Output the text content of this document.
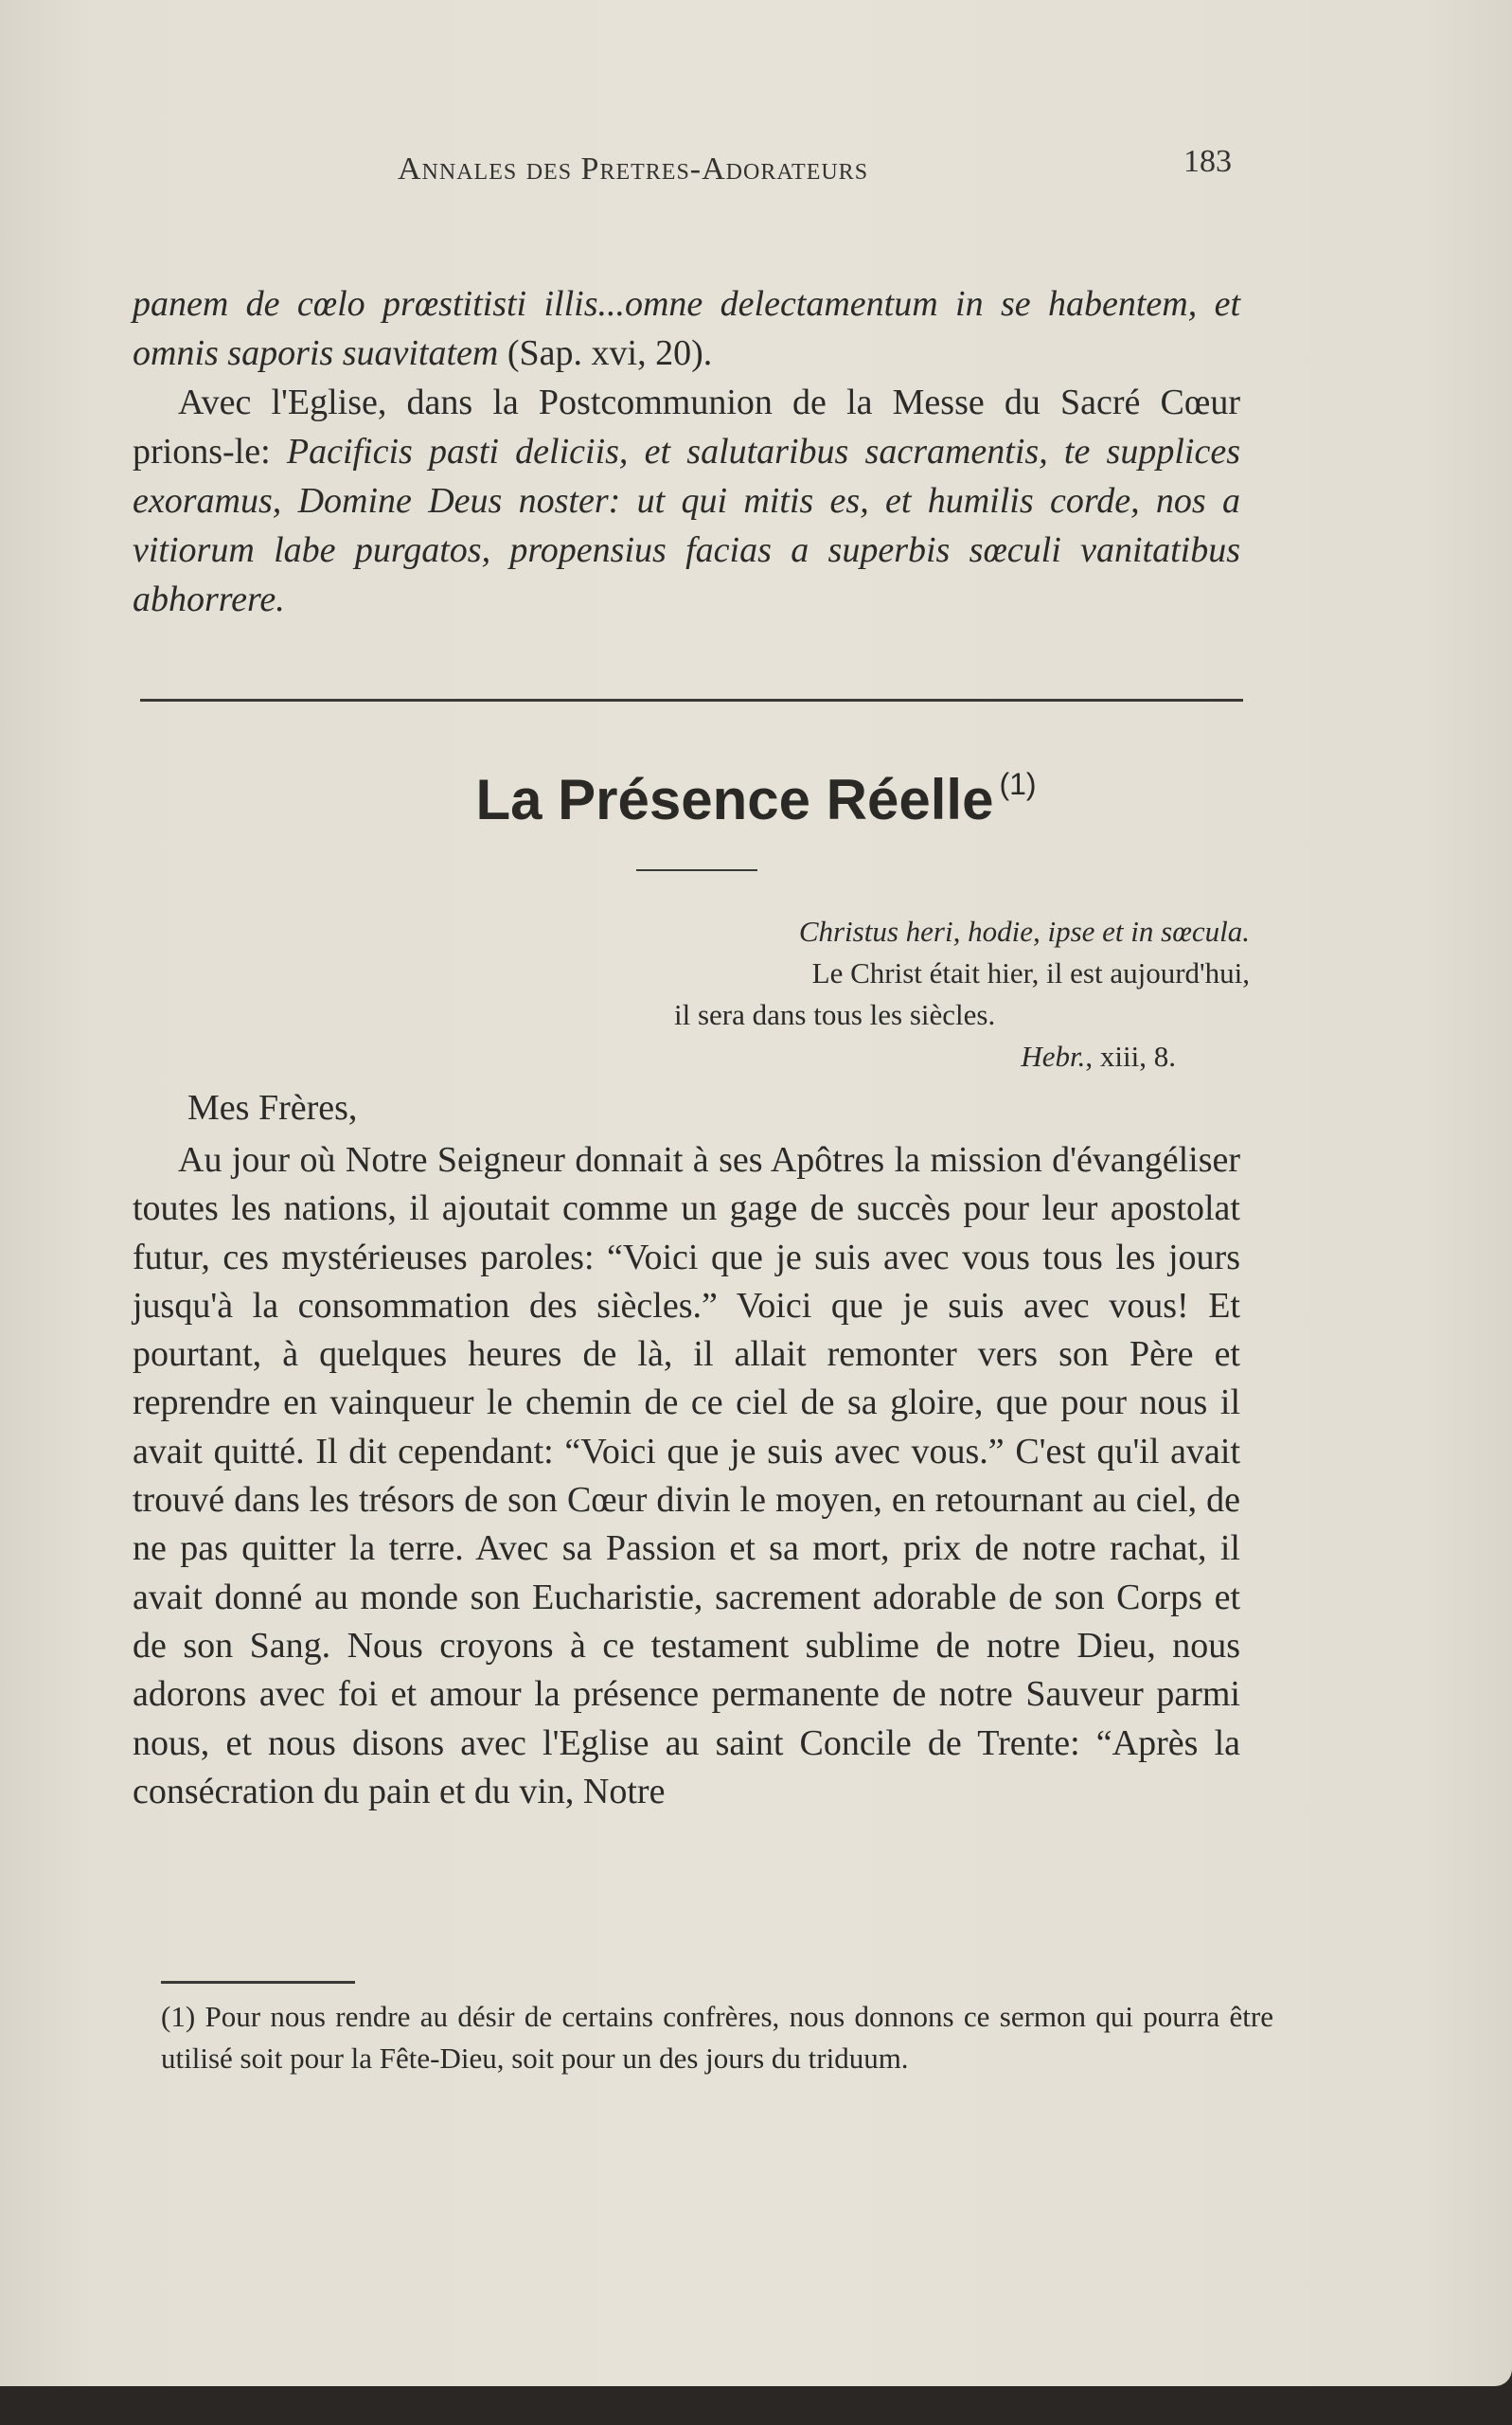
Annales des Pretres-Adorateurs	183

panem de cœlo prœstitisti illis...omne delectamentum in se habentem, et omnis saporis suavitatem (Sap. xvi, 20).

Avec l'Eglise, dans la Postcommunion de la Messe du Sacré Cœur prions-le: Pacificis pasti deliciis, et salutaribus sacramentis, te supplices exoramus, Domine Deus noster: ut qui mitis es, et humilis corde, nos a vitiorum labe purgatos, propensius facias a superbis sœculi vanitatibus abhorrere.

La Présence Réelle $^{(1)}$
Christus heri, hodie, ipse et in sœcula.
Le Christ était hier, il est aujourd'hui,
il sera dans tous les siècles.
Hebr., xiii, 8.

Mes Frères,

Au jour où Notre Seigneur donnait à ses Apôtres la mission d'évangéliser toutes les nations, il ajoutait comme un gage de succès pour leur apostolat futur, ces mystérieuses paroles: “Voici que je suis avec vous tous les jours jusqu'à la consommation des siècles.” Voici que je suis avec vous! Et pourtant, à quelques heures de là, il allait remonter vers son Père et reprendre en vainqueur le chemin de ce ciel de sa gloire, que pour nous il avait quitté. Il dit cependant: “Voici que je suis avec vous.” C'est qu'il avait trouvé dans les trésors de son Cœur divin le moyen, en retournant au ciel, de ne pas quitter la terre. Avec sa Passion et sa mort, prix de notre rachat, il avait donné au monde son Eucharistie, sacrement adorable de son Corps et de son Sang. Nous croyons à ce testament sublime de notre Dieu, nous adorons avec foi et amour la présence permanente de notre Sauveur parmi nous, et nous disons avec l'Eglise au saint Concile de Trente: “Après la consécration du pain et du vin, Notre

(1) Pour nous rendre au désir de certains confrères, nous donnons ce sermon qui pourra être utilisé soit pour la Fête-Dieu, soit pour un des jours du triduum.
